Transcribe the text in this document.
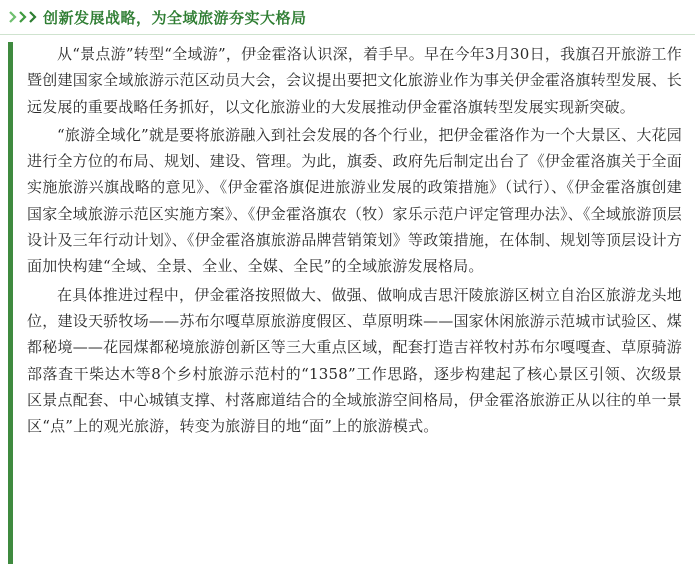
创新发展战略，为全域旅游夯实大格局

从“景点游”转型“全域游”，伊金霍洛认识深，着手早。早在今年3月30日，我旗召开旅游工作暨创建国家全域旅游示范区动员大会，会议提出要把文化旅游业作为事关伊金霍洛旗转型发展、长远发展的重要战略任务抓好，以文化旅游业的大发展推动伊金霍洛旗转型发展实现新突破。

“旅游全域化”就是要将旅游融入到社会发展的各个行业，把伊金霍洛作为一个大景区、大花园进行全方位的布局、规划、建设、管理。为此，旗委、政府先后制定出台了《伊金霍洛旗关于全面实施旅游兴旗战略的意见》、《伊金霍洛旗促进旅游业发展的政策措施》（试行）、《伊金霍洛旗创建国家全域旅游示范区实施方案》、《伊金霍洛旗农（牧）家乐示范户评定管理办法》、《全域旅游顶层设计及三年行动计划》、《伊金霍洛旗旅游品牌营销策划》等政策措施，在体制、规划等顶层设计方面加快构建“全域、全景、全业、全媒、全民”的全域旅游发展格局。

在具体推进过程中，伊金霍洛按照做大、做强、做响成吉思汗陵旅游区树立自治区旅游龙头地位，建设天骄牧场——苏布尔嘎草原旅游度假区、草原明珠——国家休闲旅游示范城市试验区、煤都秘境——花园煤都秘境旅游创新区等三大重点区域，配套打造吉祥牧村苏布尔嘎嘎查、草原骑游部落査干柴达木等8个乡村旅游示范村的“1358”工作思路，逐步构建起了核心景区引领、次级景区景点配套、中心城镇支撑、村落廊道结合的全域旅游空间格局，伊金霍洛旅游正从以往的单一景区“点”上的观光旅游，转变为旅游目的地“面”上的旅游模式。
